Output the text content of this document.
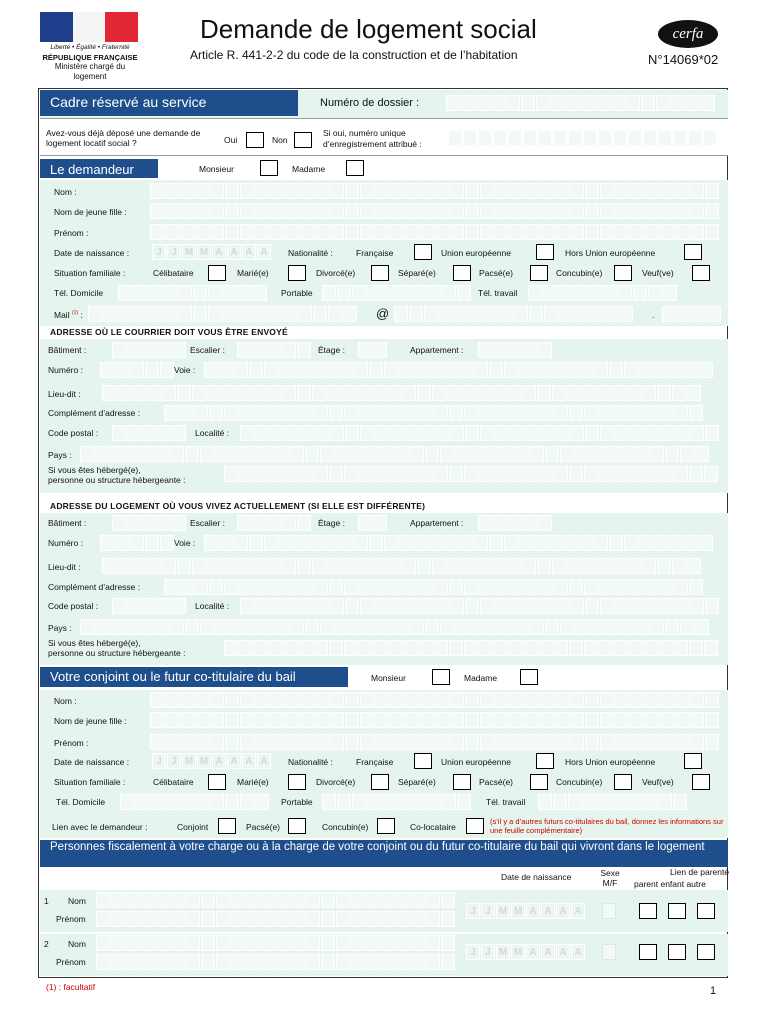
Liberté • Égalité • Fraternité
RÉPUBLIQUE FRANÇAISE
Ministère chargé du logement
Demande de logement social
Article R. 441-2-2 du code de la construction et de l’habitation
cerfa
N°14069*02
Cadre réservé au service	Numéro de dossier :
Avez-vous déjà déposé une demande de logement locatif social ?	Oui	Non
Si oui, numéro unique d’enregistrement attribué :
Le demandeur	Monsieur	Madame
Nom :
Nom de jeune fille :
Prénom :
Date de naissance :	J J M M A A A A	Nationalité :	Française	Union européenne	Hors Union européenne
Situation familiale :	Célibataire	Marié(e)	Divorcé(e)	Séparé(e)	Pacsé(e)	Concubin(e)	Veuf(ve)
Tél. Domicile	Portable	Tél. travail
Mail $^{(1)}$ :	@	.
ADRESSE OÙ LE COURRIER DOIT VOUS ÊTRE ENVOYÉ
Bâtiment :	Escalier :	Étage :	Appartement :
Numéro :	Voie :
Lieu-dit :
Complément d’adresse :
Code postal :	Localité :
Pays :
Si vous êtes hébergé(e),
personne ou structure hébergeante :
ADRESSE DU LOGEMENT OÙ VOUS VIVEZ ACTUELLEMENT (SI ELLE EST DIFFÉRENTE)
Bâtiment :	Escalier :	Étage :	Appartement :
Numéro :	Voie :
Lieu-dit :
Complément d’adresse :
Code postal :	Localité :
Pays :
Si vous êtes hébergé(e),
personne ou structure hébergeante :
Votre conjoint ou le futur co-titulaire du bail	Monsieur	Madame
Nom :
Nom de jeune fille :
Prénom :
Date de naissance :	J J M M A A A A	Nationalité :	Française	Union européenne	Hors Union européenne
Situation familiale :	Célibataire	Marié(e)	Divorcé(e)	Séparé(e)	Pacsé(e)	Concubin(e)	Veuf(ve)
Tél. Domicile	Portable	Tél. travail
Lien avec le demandeur :	Conjoint	Pacsé(e)	Concubin(e)	Co-locataire
(s’il y a d’autres futurs co-titulaires du bail, donnez les informations sur une feuille complémentaire)
Personnes fiscalement à votre charge ou à la charge de votre conjoint ou du futur co-titulaire du bail qui vivront dans le logement
Date de naissance	Sexe M/F
Lien de parenté
parent enfant autre
1 Nom
Prénom
J J M M A A A A
2 Nom
Prénom
J J M M A A A A
(1) : facultatif	1
